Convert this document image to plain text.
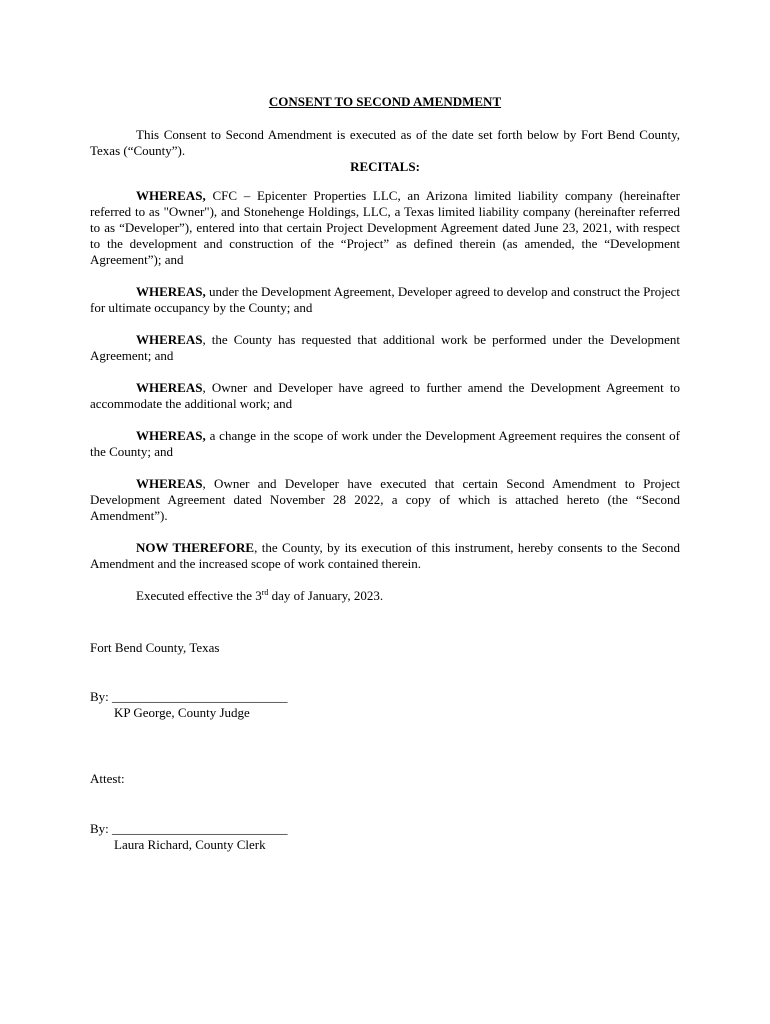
CONSENT TO SECOND AMENDMENT

This Consent to Second Amendment is executed as of the date set forth below by Fort Bend County, Texas (“County”).

RECITALS:

WHEREAS, CFC – Epicenter Properties LLC, an Arizona limited liability company (hereinafter referred to as "Owner"), and Stonehenge Holdings, LLC, a Texas limited liability company (hereinafter referred to as “Developer”), entered into that certain Project Development Agreement dated June 23, 2021, with respect to the development and construction of the “Project” as defined therein (as amended, the “Development Agreement”); and

WHEREAS, under the Development Agreement, Developer agreed to develop and construct the Project for ultimate occupancy by the County; and

WHEREAS, the County has requested that additional work be performed under the Development Agreement; and

WHEREAS, Owner and Developer have agreed to further amend the Development Agreement to accommodate the additional work; and

WHEREAS, a change in the scope of work under the Development Agreement requires the consent of the County; and

WHEREAS, Owner and Developer have executed that certain Second Amendment to Project Development Agreement dated November 28 2022, a copy of which is attached hereto (the “Second Amendment”).

NOW THEREFORE, the County, by its execution of this instrument, hereby consents to the Second Amendment and the increased scope of work contained therein.

Executed effective the 3rd day of January, 2023.

Fort Bend County, Texas
By: ___________________________
KP George, County Judge
Attest:
By: ___________________________
Laura Richard, County Clerk
